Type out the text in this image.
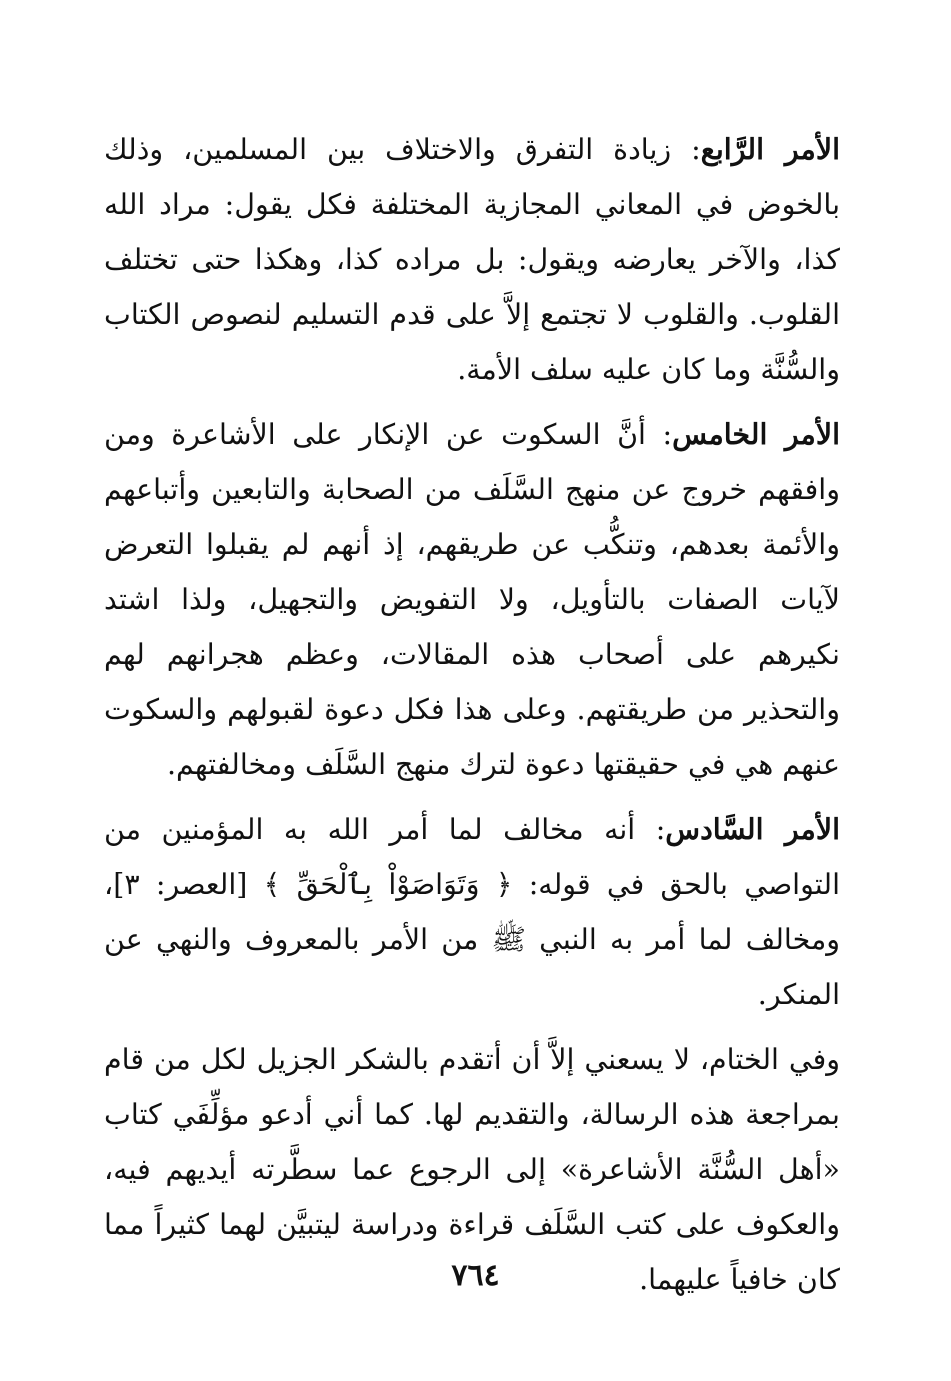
الأمر الرَّابع: زيادة التفرق والاختلاف بين المسلمين، وذلك بالخوض في المعاني المجازية المختلفة فكل يقول: مراد الله كذا، والآخر يعارضه ويقول: بل مراده كذا، وهكذا حتى تختلف القلوب. والقلوب لا تجتمع إلاَّ على قدم التسليم لنصوص الكتاب والسُّنَّة وما كان عليه سلف الأمة.

الأمر الخامس: أنَّ السكوت عن الإنكار على الأشاعرة ومن وافقهم خروج عن منهج السَّلَف من الصحابة والتابعين وأتباعهم والأئمة بعدهم، وتنكُّب عن طريقهم، إذ أنهم لم يقبلوا التعرض لآيات الصفات بالتأويل، ولا التفويض والتجهيل، ولذا اشتد نكيرهم على أصحاب هذه المقالات، وعظم هجرانهم لهم والتحذير من طريقتهم. وعلى هذا فكل دعوة لقبولهم والسكوت عنهم هي في حقيقتها دعوة لترك منهج السَّلَف ومخالفتهم.

الأمر السَّادس: أنه مخالف لما أمر الله به المؤمنين من التواصي بالحق في قوله: ﴿ وَتَوَاصَوْاْ بِٱلْحَقِّ ﴾ [العصر: ٣]، ومخالف لما أمر به النبي ﷺ من الأمر بالمعروف والنهي عن المنكر.

وفي الختام، لا يسعني إلاَّ أن أتقدم بالشكر الجزيل لكل من قام بمراجعة هذه الرسالة، والتقديم لها. كما أني أدعو مؤلِّفَي كتاب «أهل السُّنَّة الأشاعرة» إلى الرجوع عما سطَّرته أيديهم فيه، والعكوف على كتب السَّلَف قراءة ودراسة ليتبيَّن لهما كثيراً مما كان خافياً عليهما.

٧٦٤
